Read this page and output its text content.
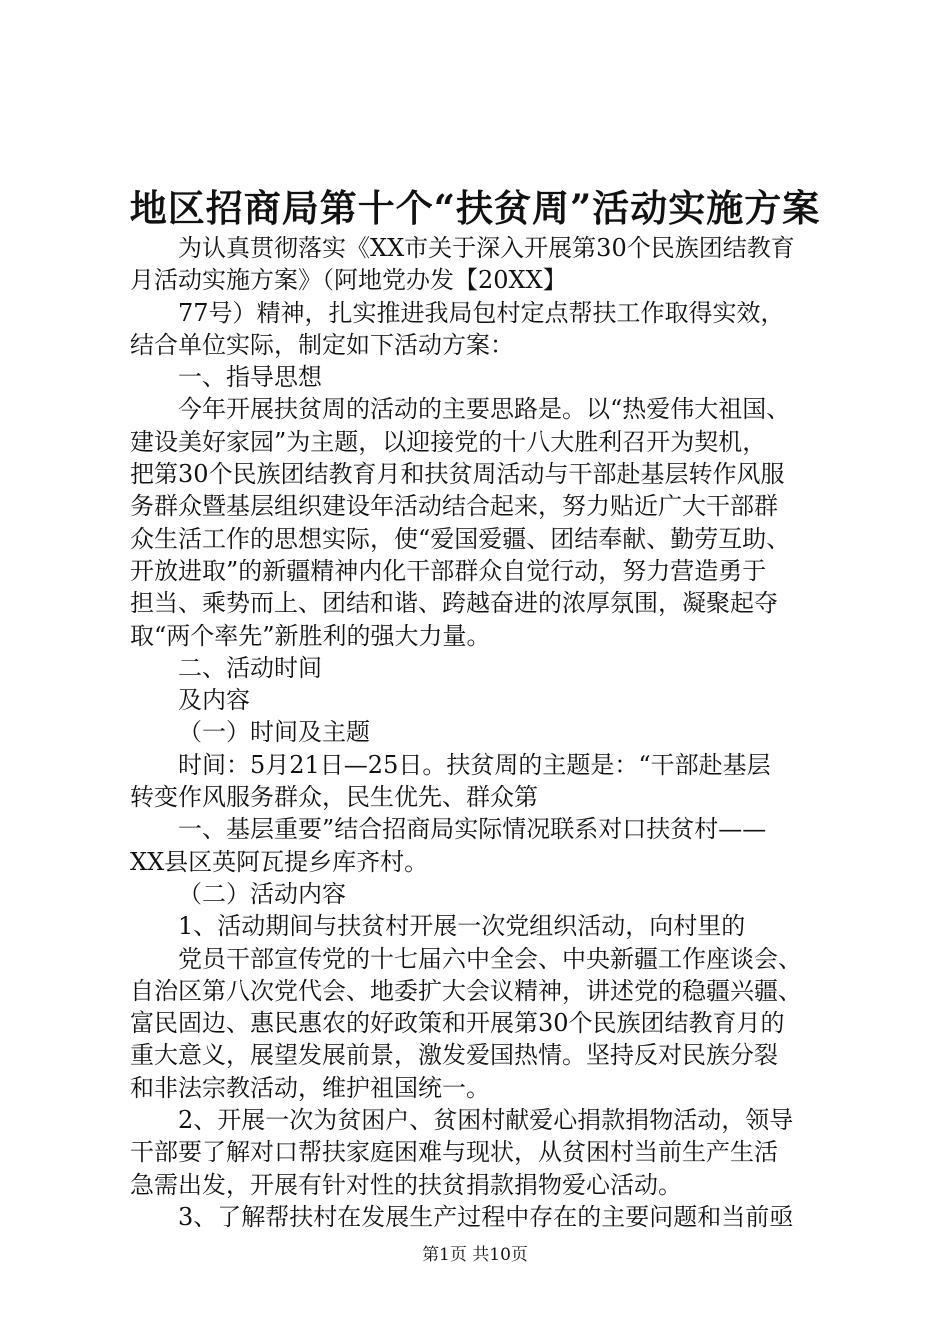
地区招商局第十个“扶贫周”活动实施方案
为认真贯彻落实《XX市关于深入开展第30个民族团结教育
月活动实施方案》（阿地党办发【20XX】
77号）精神，扎实推进我局包村定点帮扶工作取得实效，
结合单位实际，制定如下活动方案：
一、指导思想
今年开展扶贫周的活动的主要思路是。以“热爱伟大祖国、
建设美好家园”为主题，以迎接党的十八大胜利召开为契机，
把第30个民族团结教育月和扶贫周活动与干部赴基层转作风服
务群众暨基层组织建设年活动结合起来，努力贴近广大干部群
众生活工作的思想实际，使“爱国爱疆、团结奉献、勤劳互助、
开放进取”的新疆精神内化干部群众自觉行动，努力营造勇于
担当、乘势而上、团结和谐、跨越奋进的浓厚氛围，凝聚起夺
取“两个率先”新胜利的强大力量。
二、活动时间
及内容
（一）时间及主题
时间：5月21日—25日。扶贫周的主题是：“干部赴基层
转变作风服务群众，民生优先、群众第
一、基层重要”结合招商局实际情况联系对口扶贫村——
XX县区英阿瓦提乡库齐村。
（二）活动内容
1、活动期间与扶贫村开展一次党组织活动，向村里的
党员干部宣传党的十七届六中全会、中央新疆工作座谈会、
自治区第八次党代会、地委扩大会议精神，讲述党的稳疆兴疆、
富民固边、惠民惠农的好政策和开展第30个民族团结教育月的
重大意义，展望发展前景，激发爱国热情。坚持反对民族分裂
和非法宗教活动，维护祖国统一。
2、开展一次为贫困户、贫困村献爱心捐款捐物活动，领导
干部要了解对口帮扶家庭困难与现状，从贫困村当前生产生活
急需出发，开展有针对性的扶贫捐款捐物爱心活动。
3、了解帮扶村在发展生产过程中存在的主要问题和当前亟
第1页 共10页
